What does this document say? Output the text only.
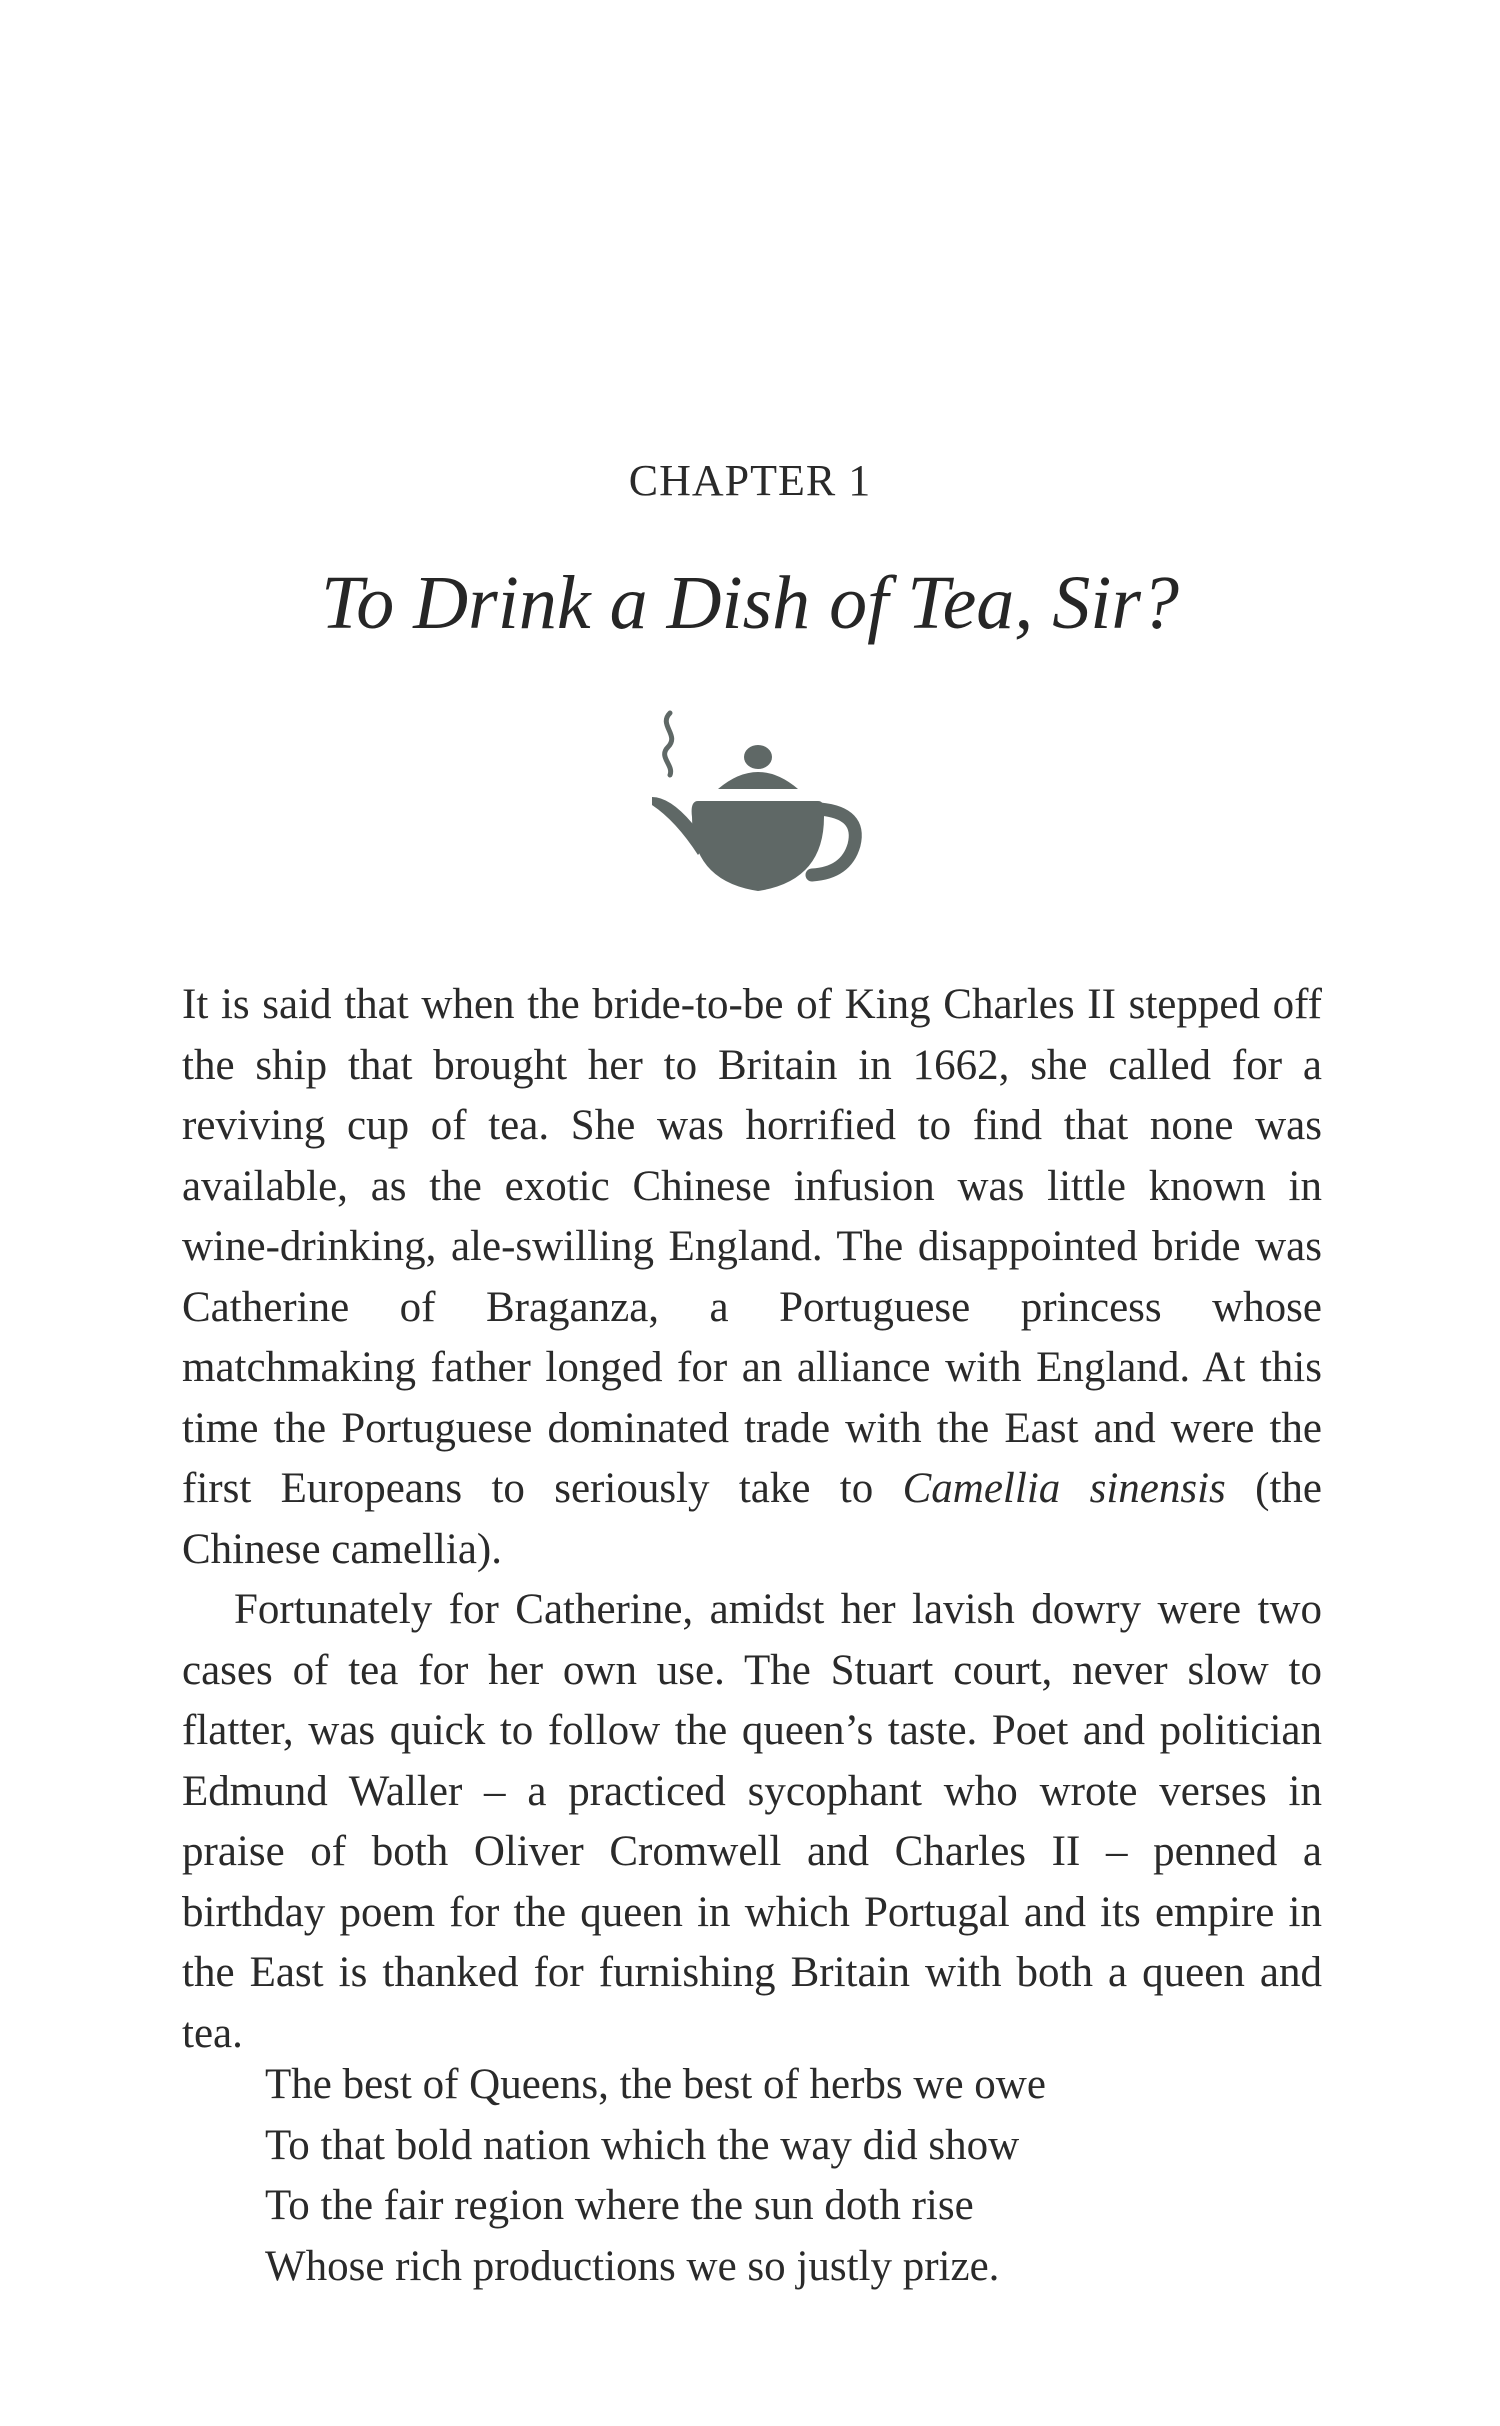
CHAPTER 1
To Drink a Dish of Tea, Sir?

It is said that when the bride-to-be of King Charles II stepped off the ship that brought her to Britain in 1662, she called for a reviving cup of tea. She was horrified to find that none was available, as the exotic Chinese infusion was little known in wine-drinking, ale-swilling England. The disappointed bride was Catherine of Braganza, a Portuguese princess whose matchmaking father longed for an alliance with England. At this time the Portuguese dominated trade with the East and were the first Europeans to seriously take to Camellia sinensis (the Chinese camellia).

Fortunately for Catherine, amidst her lavish dowry were two cases of tea for her own use. The Stuart court, never slow to flatter, was quick to follow the queen’s taste. Poet and politician Edmund Waller – a practiced sycophant who wrote verses in praise of both Oliver Cromwell and Charles II – penned a birthday poem for the queen in which Portugal and its empire in the East is thanked for furnishing Britain with both a queen and tea.

The best of Queens, the best of herbs we owe
To that bold nation which the way did show
To the fair region where the sun doth rise
Whose rich productions we so justly prize.
